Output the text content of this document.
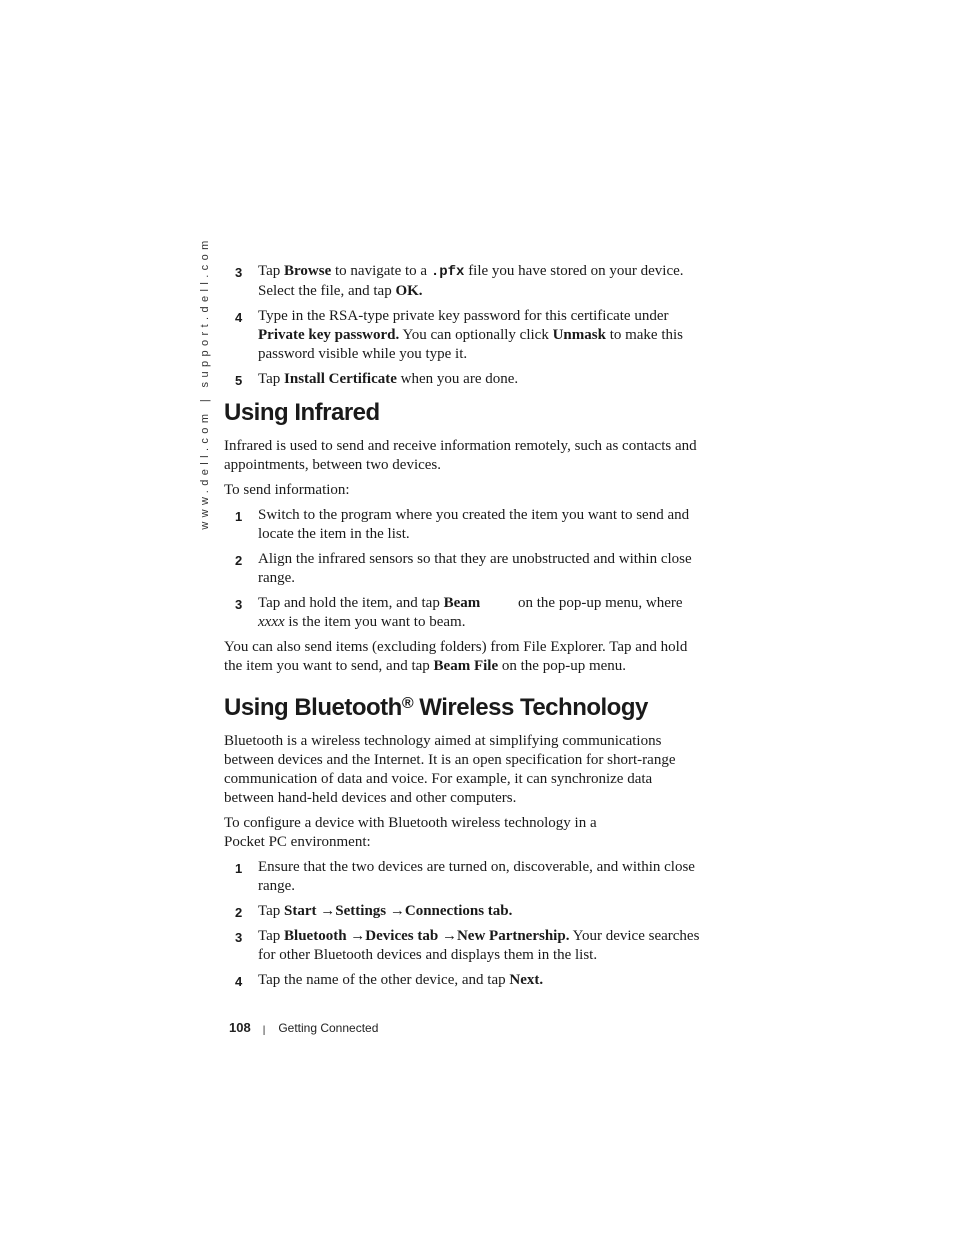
www.dell.com | support.dell.com 3 Tap Browse to navigate to a .pfx file you have stored on your device. Select the file, and tap OK.
4 Type in the RSA-type private key password for this certificate under Private key password. You can optionally click Unmask to make this password visible while you type it.
5 Tap Install Certificate when you are done.
Using Infrared

Infrared is used to send and receive information remotely, such as contacts and appointments, between two devices.

To send information:

1 Switch to the program where you created the item you want to send and locate the item in the list.
2 Align the infrared sensors so that they are unobstructed and within close range.
3 Tap and hold the item, and tap Beam on the pop-up menu, where xxxx is the item you want to beam.

You can also send items (excluding folders) from File Explorer. Tap and hold the item you want to send, and tap Beam File on the pop-up menu.

Using Bluetooth® Wireless Technology

Bluetooth is a wireless technology aimed at simplifying communications between devices and the Internet. It is an open specification for short-range communication of data and voice. For example, it can synchronize data between hand-held devices and other computers.

To configure a device with Bluetooth wireless technology in a Pocket PC environment:

1 Ensure that the two devices are turned on, discoverable, and within close range.
2 Tap Start →Settings →Connections tab.
3 Tap Bluetooth →Devices tab →New Partnership. Your device searches for other Bluetooth devices and displays them in the list.
4 Tap the name of the other device, and tap Next.
108 | Getting Connected
